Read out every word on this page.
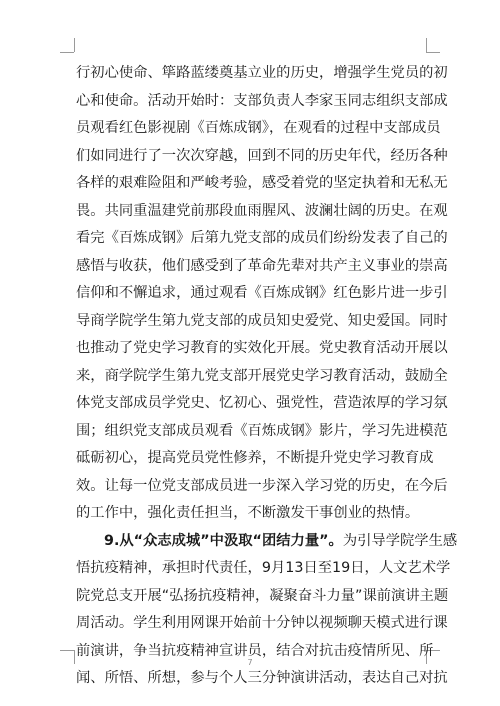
行初心使命、筚路蓝缕奠基立业的历史，增强学生党员的初
心和使命。活动开始时：支部负责人李家玉同志组织支部成
员观看红色影视剧《百炼成钢》，在观看的过程中支部成员
们如同进行了一次次穿越，回到不同的历史年代，经历各种
各样的艰难险阻和严峻考验，感受着党的坚定执着和无私无
畏。共同重温建党前那段血雨腥风、波澜壮阔的历史。在观
看完《百炼成钢》后第九党支部的成员们纷纷发表了自己的
感悟与收获，他们感受到了革命先辈对共产主义事业的崇高
信仰和不懈追求，通过观看《百炼成钢》红色影片进一步引
导商学院学生第九党支部的成员知史爱党、知史爱国。同时
也推动了党史学习教育的实效化开展。党史教育活动开展以
来，商学院学生第九党支部开展党史学习教育活动，鼓励全
体党支部成员学党史、忆初心、强党性，营造浓厚的学习氛
围；组织党支部成员观看《百炼成钢》影片，学习先进模范
砥砺初心，提高党员党性修养，不断提升党史学习教育成
效。让每一位党支部成员进一步深入学习党的历史，在今后
的工作中，强化责任担当，不断激发干事创业的热情。
9.从“众志成城”中汲取“团结力量”。为引导学院学生感
悟抗疫精神，承担时代责任，9月13日至19日，人文艺术学
院党总支开展“弘扬抗疫精神，凝聚奋斗力量”课前演讲主题
周活动。学生利用网课开始前十分钟以视频聊天模式进行课
前演讲，争当抗疫精神宣讲员，结合对抗击疫情所见、所
闻、所悟、所想，参与个人三分钟演讲活动，表达自己对抗
7
